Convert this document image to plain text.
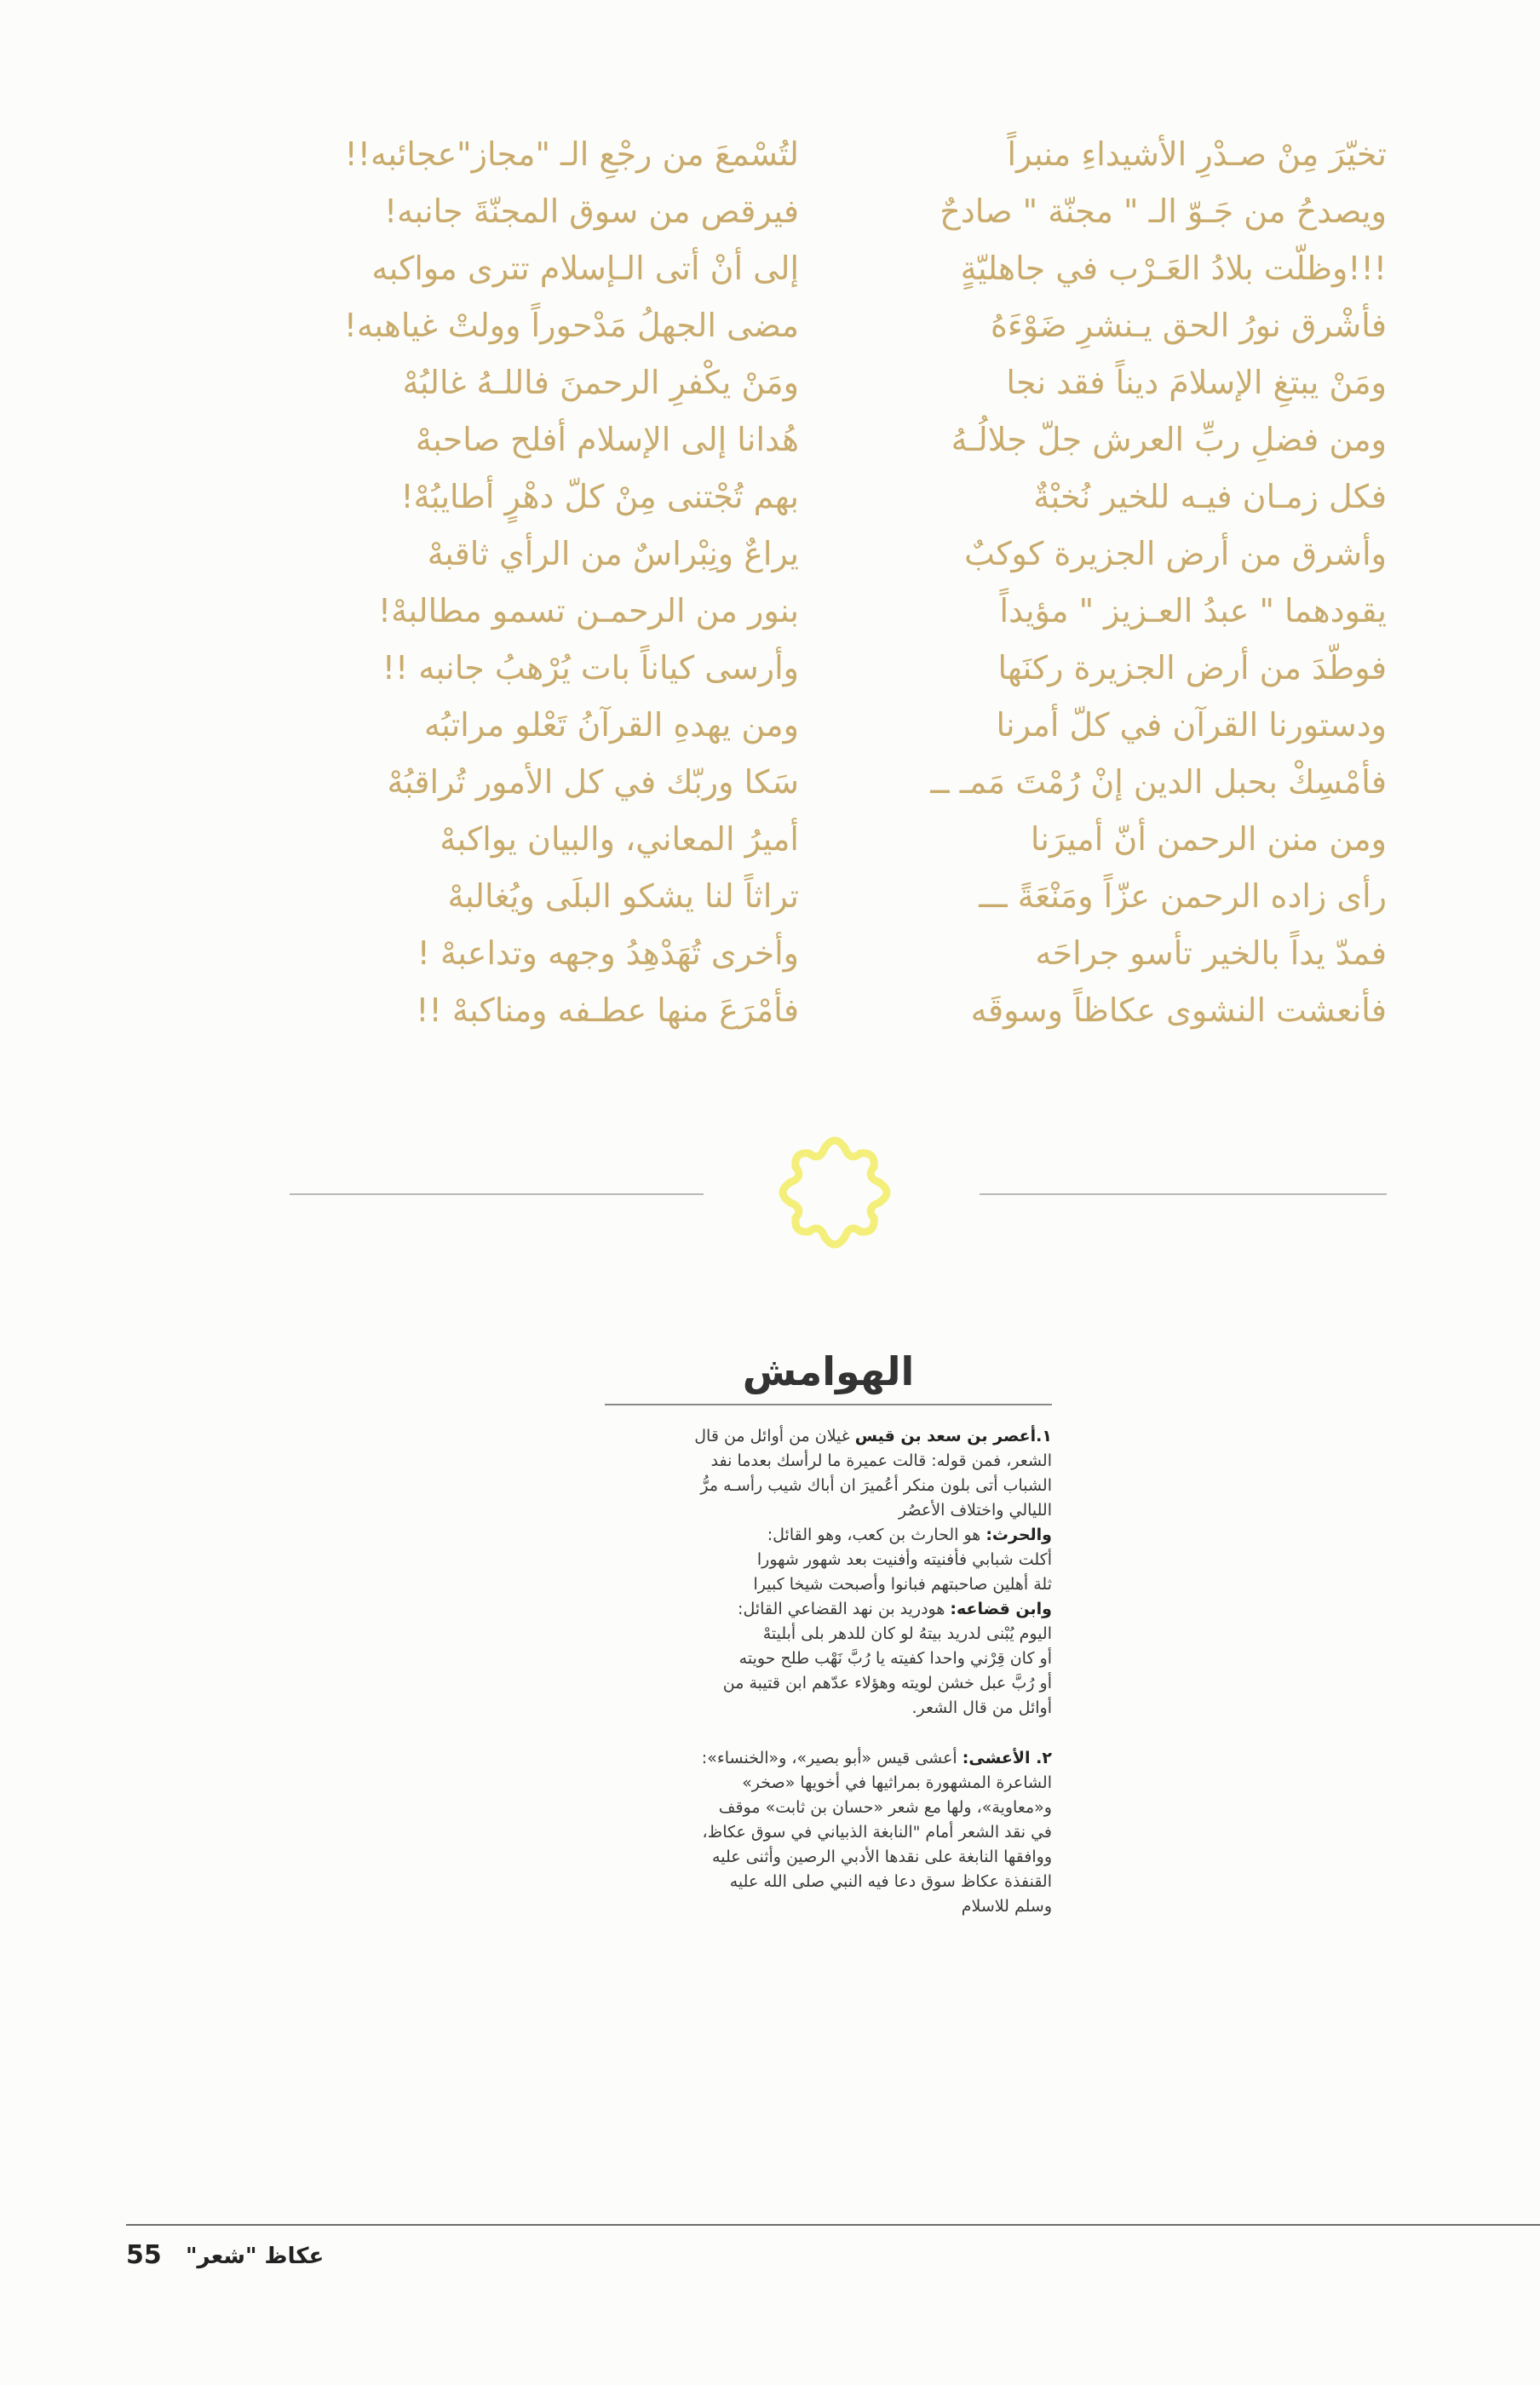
تخيّرَ مِنْ صـدْرِ الأشيداءِ منبراً
ويصدحُ من جَـوّ الـ " مجنّة " صادحٌ
!!!وظلّت بلادُ العَـرْب في جاهليّةٍ
فأشْرق نورُ الحق يـنشرِ ضَوْءَهُ
ومَنْ يبتغِ الإسلامَ ديناً فقد نجا
ومن فضلِ ربِّ العرش جلّ جلالُـهُ
فكل زمـان فيـه للخير نُخبْةٌ
وأشرق من أرض الجزيرة كوكبٌ
يقودهما " عبدُ العـزيز " مؤيداً
فوطّدَ من أرض الجزيرة ركنَها
ودستورنا القرآن في كلّ أمرنا
فأمْسِكْ بحبل الدين إنْ رُمْتَ مَمـ ــ
ومن منن الرحمن أنّ أميرَنا
رأى زاده الرحمن عزّاً ومَنْعَةً ـــ
فمدّ يداً بالخير تأسو جراحَه
فأنعشت النشوى عكاظاً وسوقَه
لتُسْمعَ من رجْعِ الـ "مجاز"عجائبه!!
فيرقص من سوق المجنّةَ جانبه!
إلى أنْ أتى الـإسلام تترى مواكبه
مضى الجهلُ مَدْحوراً وولتْ غياهبه!
ومَنْ يكْفرِ الرحمنَ فاللـهُ غالبُهْ
هُدانا إلى الإسلام أفلح صاحبهْ
بهم تُجْتنى مِنْ كلّ دهْرٍ أطايبُهْ!
يراعٌ ونِبْراسٌ من الرأي ثاقبهْ
بنور من الرحمـن تسمو مطالبهْ!
وأرسى كياناً بات يُرْهبُ جانبه !!
ومن يهدهِ القرآنُ تَعْلو مراتبُه
سَكا وربّك في كل الأمور تُراقبُهْ
أميرُ المعاني، والبيان يواكبهْ
تراثاً لنا يشكو البلَى ويُغالبهْ
وأخرى تُهَدْهِدُ وجهه وتداعبهْ !
فأمْرَعَ منها عطـفه ومناكبهْ !!
الهوامش
١.أعصر بن سعد بن قيس غيلان من أوائل من قال
الشعر، فمن قوله: قالت عميرة ما لرأسك بعدما نفد
الشباب أتى بلون منكر أعُميرَ ان أباك شيب رأسـه مرُّ
الليالي واختلاف الأعصُر
والحرث: هو الحارث بن كعب، وهو القائل:
أكلت شبابي فأفنيته وأفنيت بعد شهور شهورا
ثلة أهلين صاحبتهم فبانوا وأصبحت شيخا كبيرا
وابن قضاعه: هودريد بن نهد القضاعي القائل:
اليوم يُبْنى لدريد بيتهُ لو كان للدهر بلى أبليتهْ
أو كان قِرْني واحدا كفيته يا رُبَّ نَهْب طلح حويته
أو رُبَّ عبل خشن لويته وهؤلاء عدّهم ابن قتيبة من
أوائل من قال الشعر.
٢. الأعشى: أعشى قيس «أبو بصير»، و«الخنساء»:
الشاعرة المشهورة بمراثيها في أخويها «صخر»
و«معاوية»، ولها مع شعر «حسان بن ثابت» موقف
في نقد الشعر أمام "النابغة الذبياني في سوق عكاظ،
ووافقها النابغة على نقدها الأدبي الرصين وأثنى عليه
القنفذة عكاظ سوق دعا فيه النبي صلى الله عليه
وسلم للاسلام
55 عكاظ "شعر"
